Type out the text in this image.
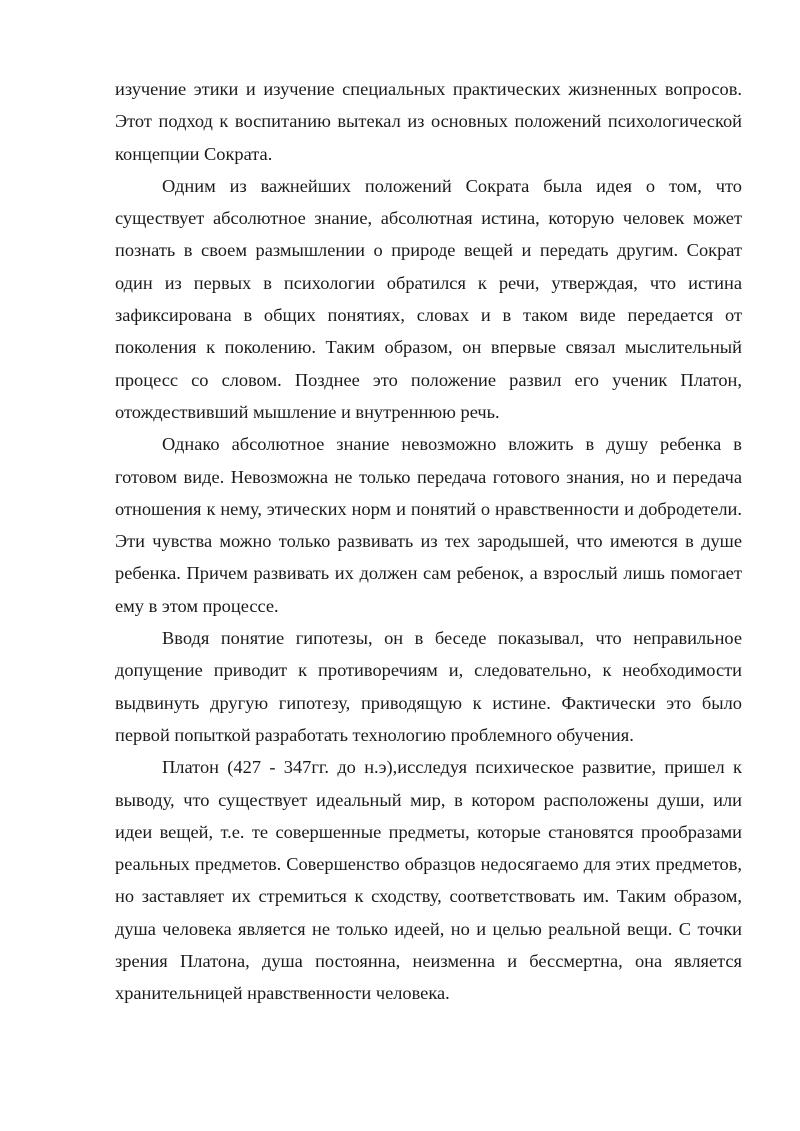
изучение этики и изучение специальных практических жизненных вопросов. Этот подход к воспитанию вытекал из основных положений психологической концепции Сократа.

Одним из важнейших положений Сократа была идея о том, что существует абсолютное знание, абсолютная истина, которую человек может познать в своем размышлении о природе вещей и передать другим. Сократ один из первых в психологии обратился к речи, утверждая, что истина зафиксирована в общих понятиях, словах и в таком виде передается от поколения к поколению. Таким образом, он впервые связал мыслительный процесс со словом. Позднее это положение развил его ученик Платон, отождествивший мышление и внутреннюю речь.

Однако абсолютное знание невозможно вложить в душу ребенка в готовом виде. Невозможна не только передача готового знания, но и передача отношения к нему, этических норм и понятий о нравственности и добродетели. Эти чувства можно только развивать из тех зародышей, что имеются в душе ребенка. Причем развивать их должен сам ребенок, а взрослый лишь помогает ему в этом процессе.

Вводя понятие гипотезы, он в беседе показывал, что неправильное допущение приводит к противоречиям и, следовательно, к необходимости выдвинуть другую гипотезу, приводящую к истине. Фактически это было первой попыткой разработать технологию проблемного обучения.

Платон (427 - 347гг. до н.э),исследуя психическое развитие, пришел к выводу, что существует идеальный мир, в котором расположены души, или идеи вещей, т.е. те совершенные предметы, которые становятся прообразами реальных предметов. Совершенство образцов недосягаемо для этих предметов, но заставляет их стремиться к сходству, соответствовать им. Таким образом, душа человека является не только идеей, но и целью реальной вещи. С точки зрения Платона, душа постоянна, неизменна и бессмертна, она является хранительницей нравственности человека.
